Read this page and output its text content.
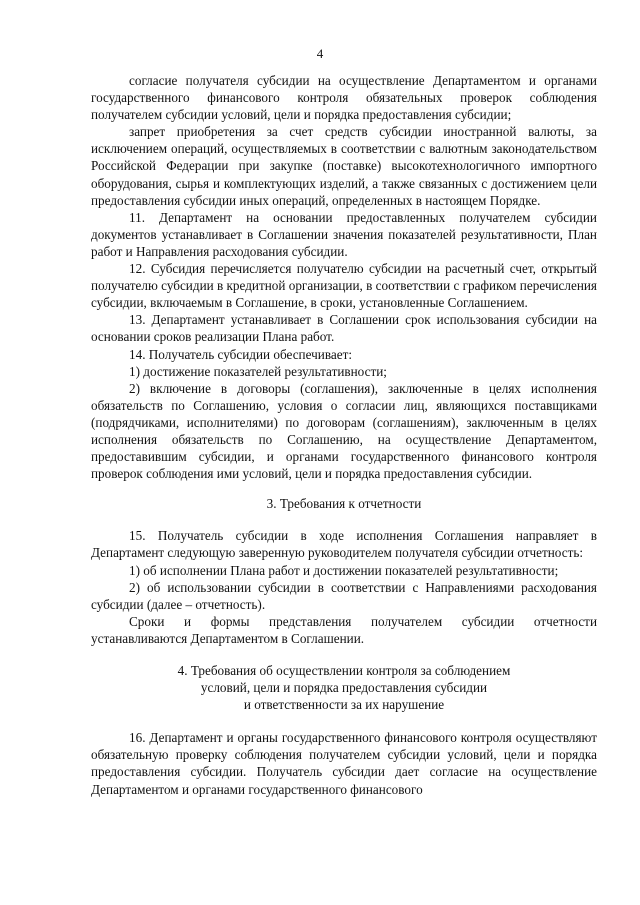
4

согласие получателя субсидии на осуществление Департаментом и органами государственного финансового контроля обязательных проверок соблюдения получателем субсидии условий, цели и порядка предоставления субсидии;

запрет приобретения за счет средств субсидии иностранной валюты, за исключением операций, осуществляемых в соответствии с валютным законодательством Российской Федерации при закупке (поставке) высокотехнологичного импортного оборудования, сырья и комплектующих изделий, а также связанных с достижением цели предоставления субсидии иных операций, определенных в настоящем Порядке.

11. Департамент на основании предоставленных получателем субсидии документов устанавливает в Соглашении значения показателей результативности, План работ и Направления расходования субсидии.

12. Субсидия перечисляется получателю субсидии на расчетный счет, открытый получателю субсидии в кредитной организации, в соответствии с графиком перечисления субсидии, включаемым в Соглашение, в сроки, установленные Соглашением.

13. Департамент устанавливает в Соглашении срок использования субсидии на основании сроков реализации Плана работ.

14. Получатель субсидии обеспечивает:

1) достижение показателей результативности;

2) включение в договоры (соглашения), заключенные в целях исполнения обязательств по Соглашению, условия о согласии лиц, являющихся поставщиками (подрядчиками, исполнителями) по договорам (соглашениям), заключенным в целях исполнения обязательств по Соглашению, на осуществление Департаментом, предоставившим субсидии, и органами государственного финансового контроля проверок соблюдения ими условий, цели и порядка предоставления субсидии.

3. Требования к отчетности

15. Получатель субсидии в ходе исполнения Соглашения направляет в Департамент следующую заверенную руководителем получателя субсидии отчетность:

1) об исполнении Плана работ и достижении показателей результативности;

2) об использовании субсидии в соответствии с Направлениями расходования субсидии (далее – отчетность).

Сроки и формы представления получателем субсидии отчетности устанавливаются Департаментом в Соглашении.

4. Требования об осуществлении контроля за соблюдением
условий, цели и порядка предоставления субсидии
и ответственности за их нарушение

16. Департамент и органы государственного финансового контроля осуществляют обязательную проверку соблюдения получателем субсидии условий, цели и порядка предоставления субсидии. Получатель субсидии дает согласие на осуществление Департаментом и органами государственного финансового
